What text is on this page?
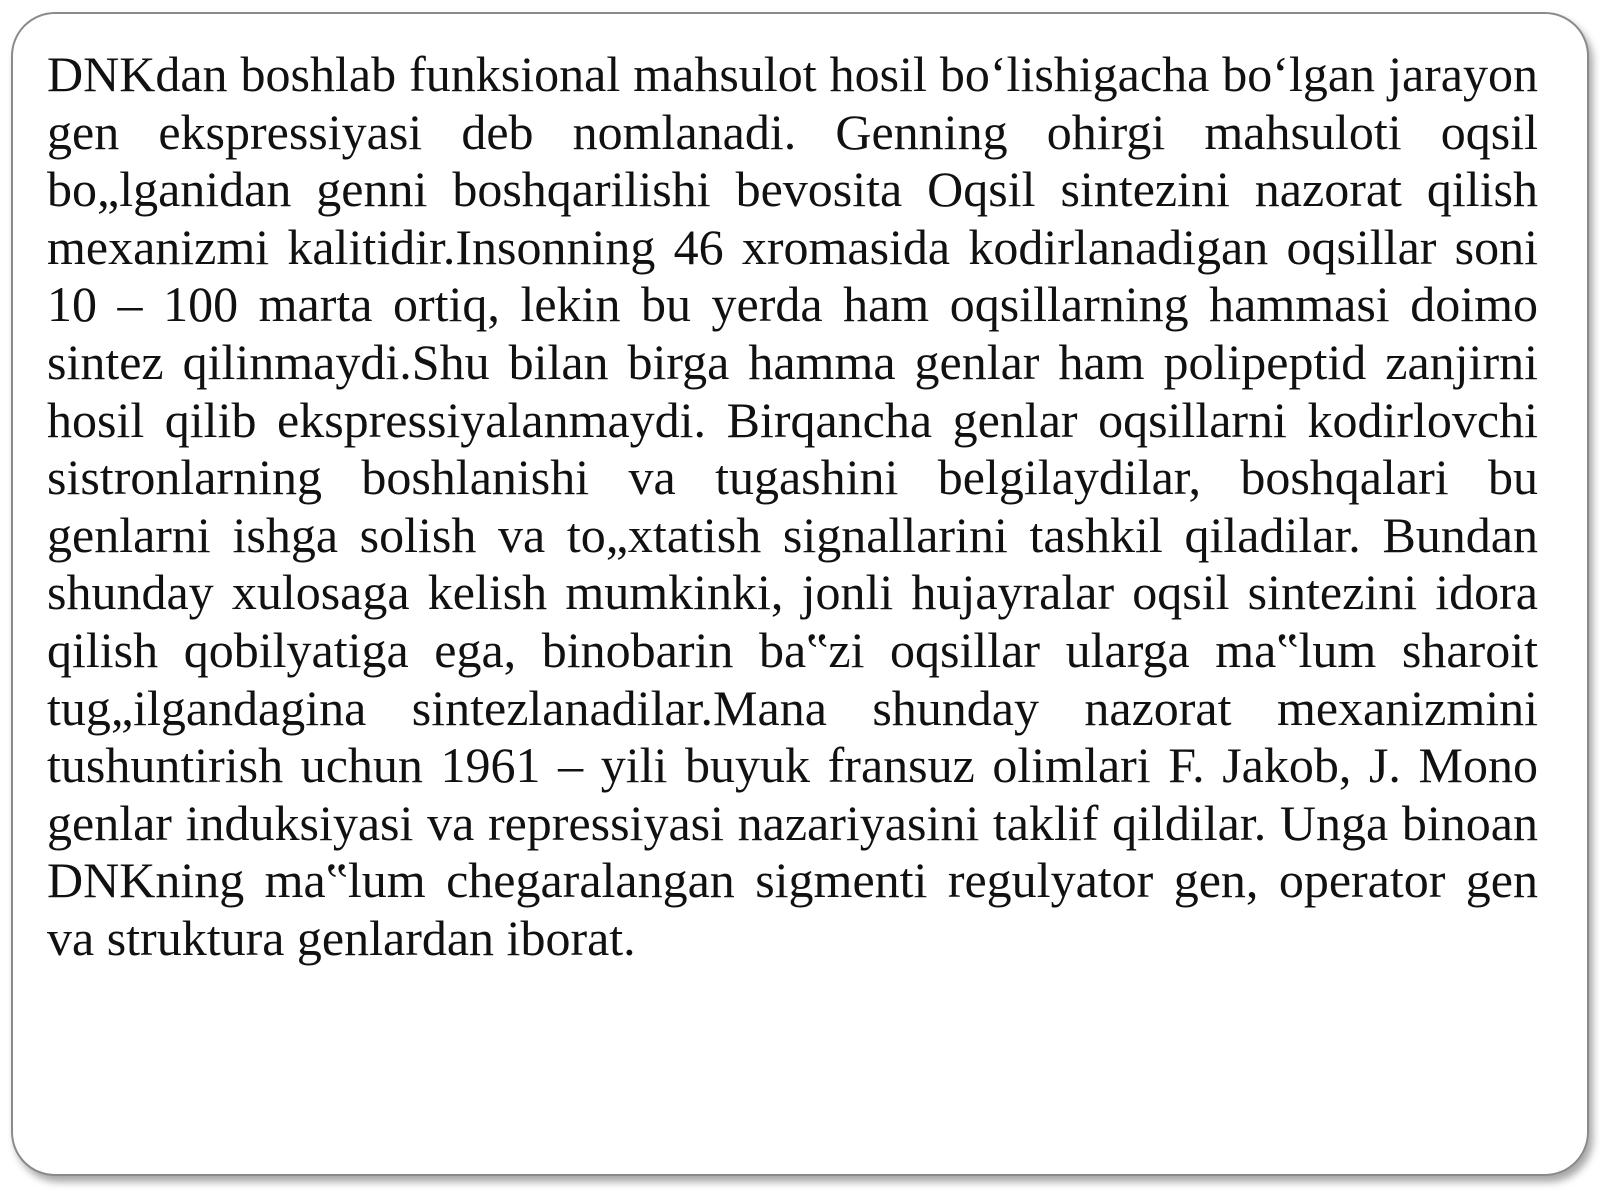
DNKdan boshlab funksional mahsulot hosil boʻlishigacha boʻlgan jarayon gen ekspressiyasi deb nomlanadi. Genning ohirgi mahsuloti oqsil bo„lganidan genni boshqarilishi bevosita Oqsil sintezini nazorat qilish mexanizmi kalitidir.Insonning 46 xromasida kodirlanadigan oqsillar soni 10 – 100 marta ortiq, lekin bu yerda ham oqsillarning hammasi doimo sintez qilinmaydi.Shu bilan birga hamma genlar ham polipeptid zanjirni hosil qilib ekspressiyalanmaydi. Birqancha genlar oqsillarni kodirlovchi sistronlarning boshlanishi va tugashini belgilaydilar, boshqalari bu genlarni ishga solish va to„xtatish signallarini tashkil qiladilar. Bundan shunday xulosaga kelish mumkinki, jonli hujayralar oqsil sintezini idora qilish qobilyatiga ega, binobarin ba‟zi oqsillar ularga ma‟lum sharoit tug„ilgandagina sintezlanadilar.Mana shunday nazorat mexanizmini tushuntirish uchun 1961 – yili buyuk fransuz olimlari F. Jakob, J. Mono genlar induksiyasi va repressiyasi nazariyasini taklif qildilar. Unga binoan DNKning ma‟lum chegaralangan sigmenti regulyator gen, operator gen va struktura genlardan iborat.
